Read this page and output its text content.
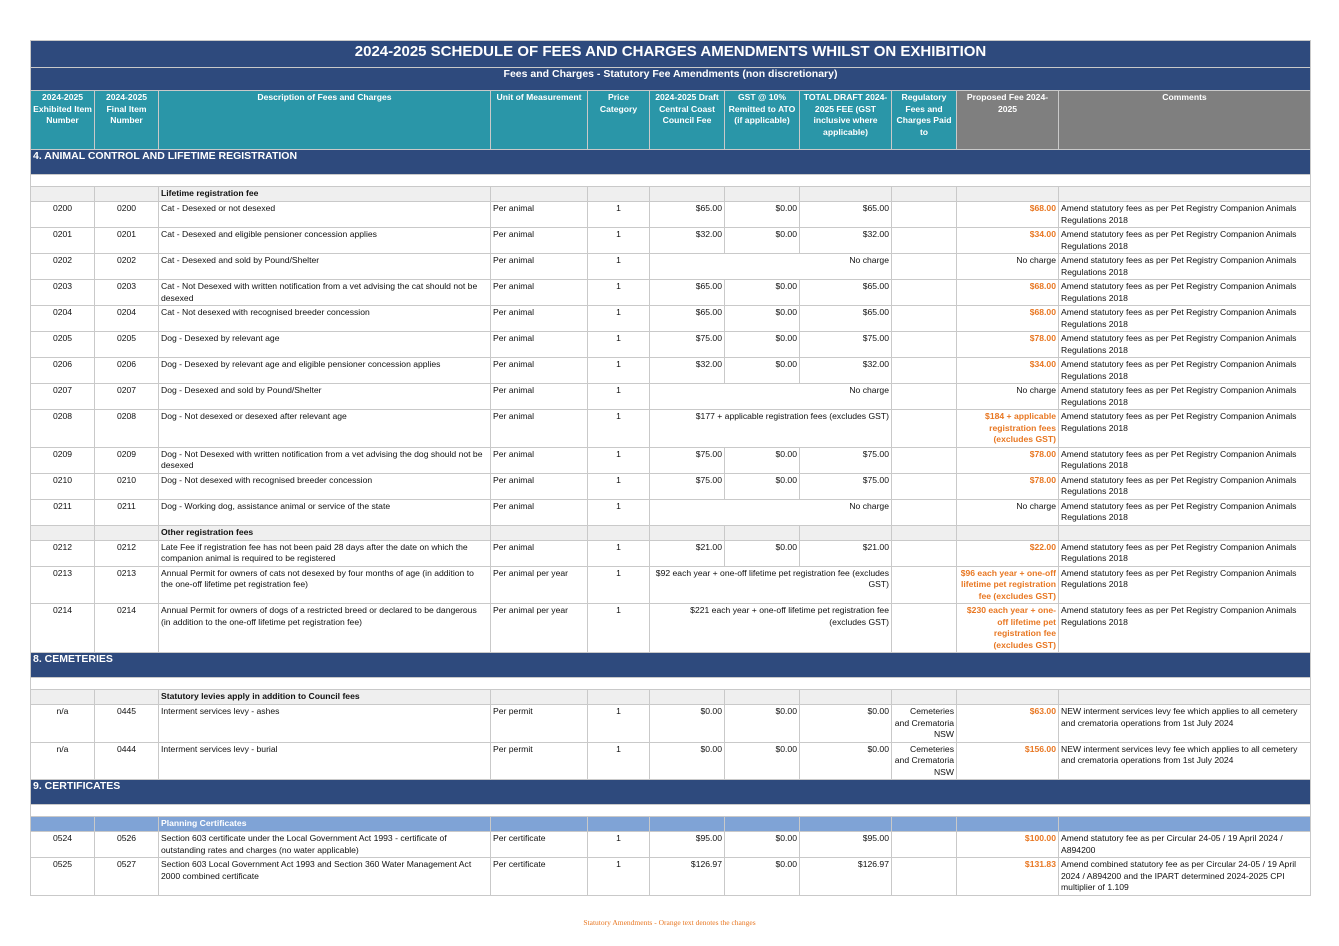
2024-2025 SCHEDULE OF FEES AND CHARGES AMENDMENTS WHILST ON EXHIBITION										
Fees and Charges - Statutory Fee Amendments (non discretionary)										
2024-2025 Exhibited Item Number	2024-2025 Final Item Number	Description of Fees and Charges	Unit of Measurement	Price Category	2024-2025 Draft Central Coast Council Fee	GST @ 10% Remitted to ATO (if applicable)	TOTAL DRAFT 2024-2025 FEE (GST inclusive where applicable)	Regulatory Fees and Charges Paid to	Proposed Fee 2024-2025	Comments
4. ANIMAL CONTROL AND LIFETIME REGISTRATION										

		Lifetime registration fee								
0200	0200	Cat - Desexed or not desexed	Per animal	1	$65.00	$0.00	$65.00		$68.00	Amend statutory fees as per Pet Registry Companion Animals Regulations 2018
0201	0201	Cat - Desexed and eligible pensioner concession applies	Per animal	1	$32.00	$0.00	$32.00		$34.00	Amend statutory fees as per Pet Registry Companion Animals Regulations 2018
0202	0202	Cat - Desexed and sold by Pound/Shelter	Per animal	1	No charge				No charge	Amend statutory fees as per Pet Registry Companion Animals Regulations 2018
0203	0203	Cat - Not Desexed with written notification from a vet advising the cat should not be desexed	Per animal	1	$65.00	$0.00	$65.00		$68.00	Amend statutory fees as per Pet Registry Companion Animals Regulations 2018
0204	0204	Cat - Not desexed with recognised breeder concession	Per animal	1	$65.00	$0.00	$65.00		$68.00	Amend statutory fees as per Pet Registry Companion Animals Regulations 2018
0205	0205	Dog - Desexed by relevant age	Per animal	1	$75.00	$0.00	$75.00		$78.00	Amend statutory fees as per Pet Registry Companion Animals Regulations 2018
0206	0206	Dog - Desexed by relevant age and eligible pensioner concession applies	Per animal	1	$32.00	$0.00	$32.00		$34.00	Amend statutory fees as per Pet Registry Companion Animals Regulations 2018
0207	0207	Dog - Desexed and sold by Pound/Shelter	Per animal	1	No charge				No charge	Amend statutory fees as per Pet Registry Companion Animals Regulations 2018
0208	0208	Dog - Not desexed or desexed after relevant age	Per animal	1	$177 + applicable registration fees (excludes GST)				$184 + applicable registration fees (excludes GST)	Amend statutory fees as per Pet Registry Companion Animals Regulations 2018
0209	0209	Dog - Not Desexed with written notification from a vet advising the dog should not be desexed	Per animal	1	$75.00	$0.00	$75.00		$78.00	Amend statutory fees as per Pet Registry Companion Animals Regulations 2018
0210	0210	Dog - Not desexed with recognised breeder concession	Per animal	1	$75.00	$0.00	$75.00		$78.00	Amend statutory fees as per Pet Registry Companion Animals Regulations 2018
0211	0211	Dog - Working dog, assistance animal or service of the state	Per animal	1	No charge				No charge	Amend statutory fees as per Pet Registry Companion Animals Regulations 2018
		Other registration fees								
0212	0212	Late Fee if registration fee has not been paid 28 days after the date on which the companion animal is required to be registered	Per animal	1	$21.00	$0.00	$21.00		$22.00	Amend statutory fees as per Pet Registry Companion Animals Regulations 2018
0213	0213	Annual Permit for owners of cats not desexed by four months of age (in addition to the one-off lifetime pet registration fee)	Per animal per year	1	$92 each year + one-off lifetime pet registration fee (excludes GST)				$96 each year + one-off lifetime pet registration fee (excludes GST)	Amend statutory fees as per Pet Registry Companion Animals Regulations 2018
0214	0214	Annual Permit for owners of dogs of a restricted breed or declared to be dangerous (in addition to the one-off lifetime pet registration fee)	Per animal per year	1	$221 each year + one-off lifetime pet registration fee (excludes GST)				$230 each year + one-off lifetime pet registration fee (excludes GST)	Amend statutory fees as per Pet Registry Companion Animals Regulations 2018
8. CEMETERIES										

		Statutory levies apply in addition to Council fees								
n/a	0445	Interment services levy - ashes	Per permit	1	$0.00	$0.00	$0.00	Cemeteries and Crematoria NSW	$63.00	NEW interment services levy fee which applies to all cemetery and crematoria operations from 1st July 2024
n/a	0444	Interment services levy - burial	Per permit	1	$0.00	$0.00	$0.00	Cemeteries and Crematoria NSW	$156.00	NEW interment services levy fee which applies to all cemetery and crematoria operations from 1st July 2024
9. CERTIFICATES										

		Planning Certificates								
0524	0526	Section 603 certificate under the Local Government Act 1993 - certificate of outstanding rates and charges (no water applicable)	Per certificate	1	$95.00	$0.00	$95.00		$100.00	Amend statutory fee as per Circular 24-05 / 19 April 2024 / A894200
0525	0527	Section 603 Local Government Act 1993 and Section 360 Water Management Act 2000 combined certificate	Per certificate	1	$126.97	$0.00	$126.97		$131.83	Amend combined statutory fee as per Circular 24-05 / 19 April 2024 / A894200 and the IPART determined 2024-2025 CPI multiplier of 1.109
Statutory Amendments - Orange text denotes the changes
